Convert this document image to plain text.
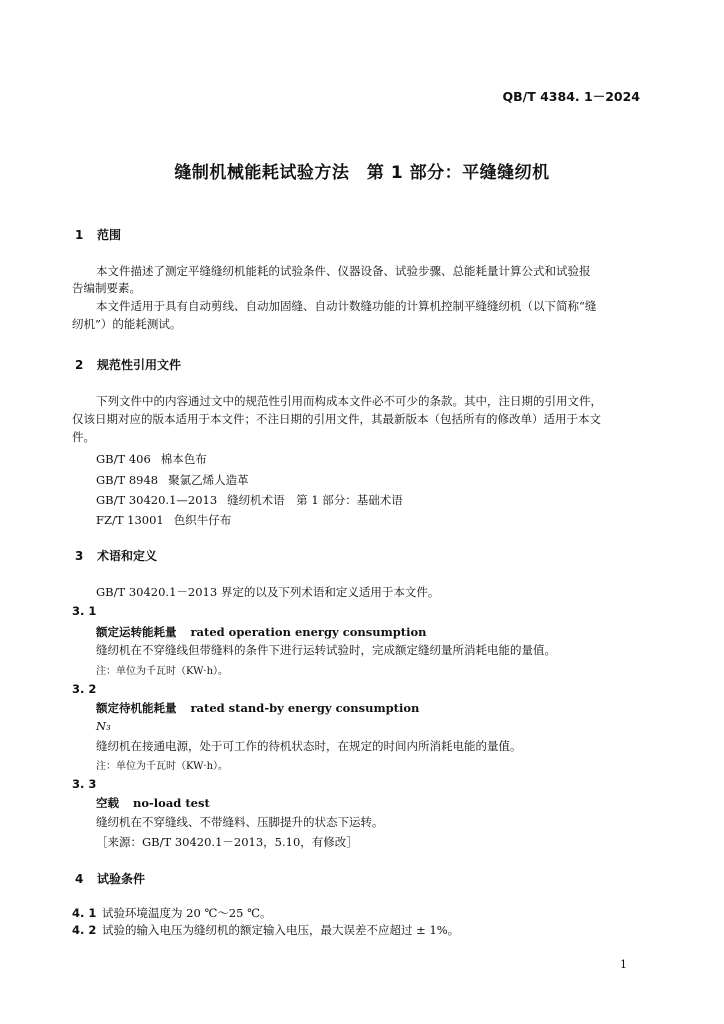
QB/T 4384. 1－2024
缝制机械能耗试验方法　第 1 部分：平缝缝纫机
1 范围
本文件描述了测定平缝缝纫机能耗的试验条件、仪器设备、试验步骤、总能耗量计算公式和试验报
告编制要素。
本文件适用于具有自动剪线、自动加固缝、自动计数缝功能的计算机控制平缝缝纫机（以下简称“缝
纫机”）的能耗测试。
2 规范性引用文件
下列文件中的内容通过文中的规范性引用而构成本文件必不可少的条款。其中，注日期的引用文件，
仅该日期对应的版本适用于本文件；不注日期的引用文件，其最新版本（包括所有的修改单）适用于本文
件。
GB/T 406 棉本色布
GB/T 8948 聚氯乙烯人造革
GB/T 30420.1—2013 缝纫机术语　第 1 部分：基础术语
FZ/T 13001 色织牛仔布
3 术语和定义
GB/T 30420.1－2013 界定的以及下列术语和定义适用于本文件。
3. 1
额定运转能耗量 rated operation energy consumption
缝纫机在不穿缝线但带缝料的条件下进行运转试验时，完成额定缝纫量所消耗电能的量值。
注：单位为千瓦时（KW·h）。
3. 2
额定待机能耗量 rated stand-by energy consumption
N₃
缝纫机在接通电源，处于可工作的待机状态时，在规定的时间内所消耗电能的量值。
注：单位为千瓦时（KW·h）。
3. 3
空载 no-load test
缝纫机在不穿缝线、不带缝料、压脚提升的状态下运转。
［来源：GB/T 30420.1－2013，5.10，有修改］
4 试验条件
4. 1 试验环境温度为 20 ℃～25 ℃。
4. 2 试验的输入电压为缝纫机的额定输入电压，最大误差不应超过 ± 1%。
1
